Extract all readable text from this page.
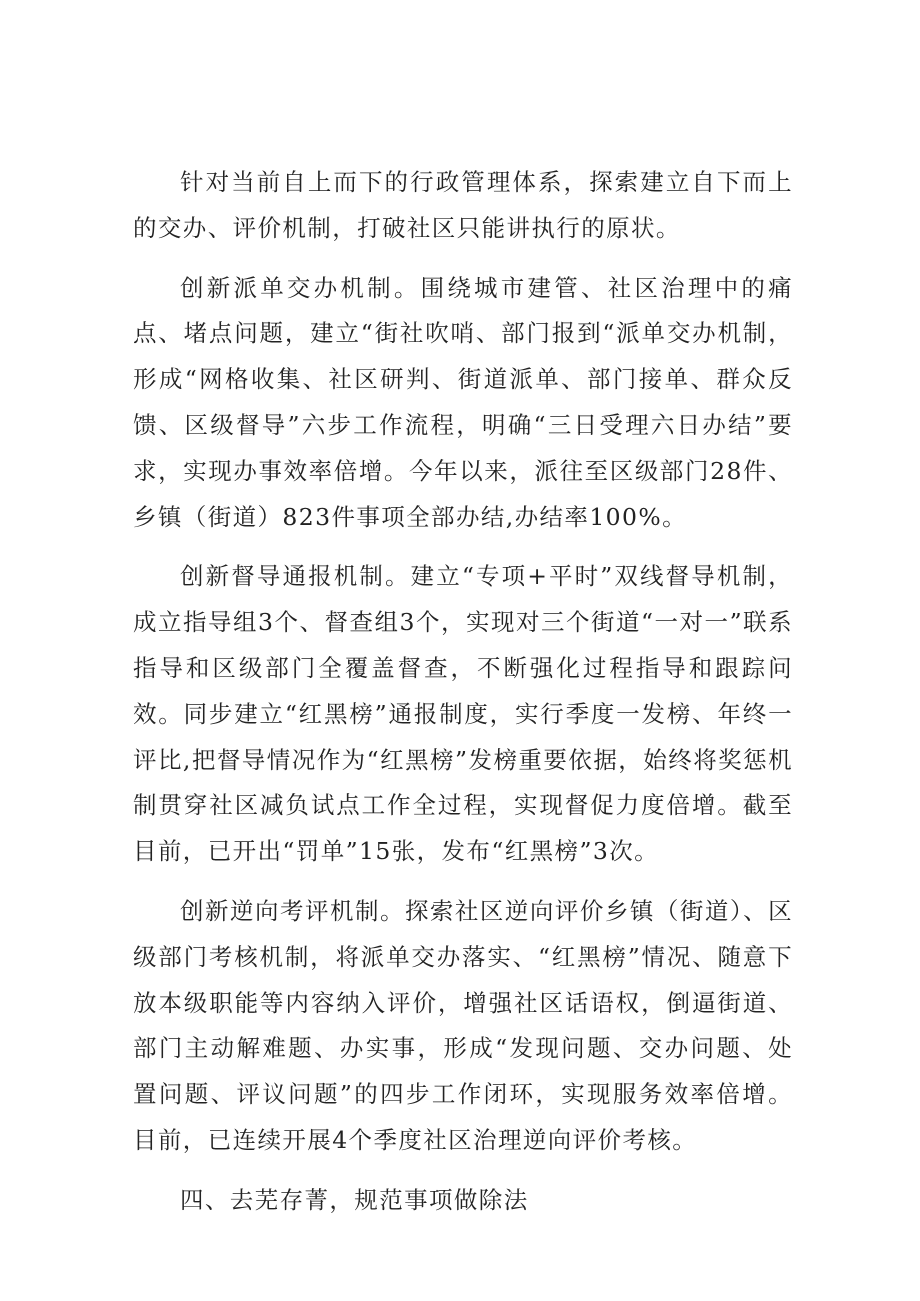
针对当前自上而下的行政管理体系，探索建立自下而上的交办、评价机制，打破社区只能讲执行的原状。

创新派单交办机制。围绕城市建管、社区治理中的痛点、堵点问题，建立“街社吹哨、部门报到“派单交办机制，形成“网格收集、社区研判、街道派单、部门接单、群众反馈、区级督导”六步工作流程，明确“三日受理六日办结”要求，实现办事效率倍增。今年以来，派往至区级部门28件、乡镇（街道）823件事项全部办结,办结率100%。

创新督导通报机制。建立“专项+平时”双线督导机制，成立指导组3个、督查组3个，实现对三个街道“一对一”联系指导和区级部门全覆盖督查，不断强化过程指导和跟踪问效。同步建立“红黑榜”通报制度，实行季度一发榜、年终一评比,把督导情况作为“红黑榜”发榜重要依据，始终将奖惩机制贯穿社区减负试点工作全过程，实现督促力度倍增。截至目前，已开出“罚单”15张，发布“红黑榜”3次。

创新逆向考评机制。探索社区逆向评价乡镇（街道）、区级部门考核机制，将派单交办落实、“红黑榜”情况、随意下放本级职能等内容纳入评价，增强社区话语权，倒逼街道、部门主动解难题、办实事，形成“发现问题、交办问题、处置问题、评议问题”的四步工作闭环，实现服务效率倍增。目前，已连续开展4个季度社区治理逆向评价考核。

四、去芜存菁，规范事项做除法
